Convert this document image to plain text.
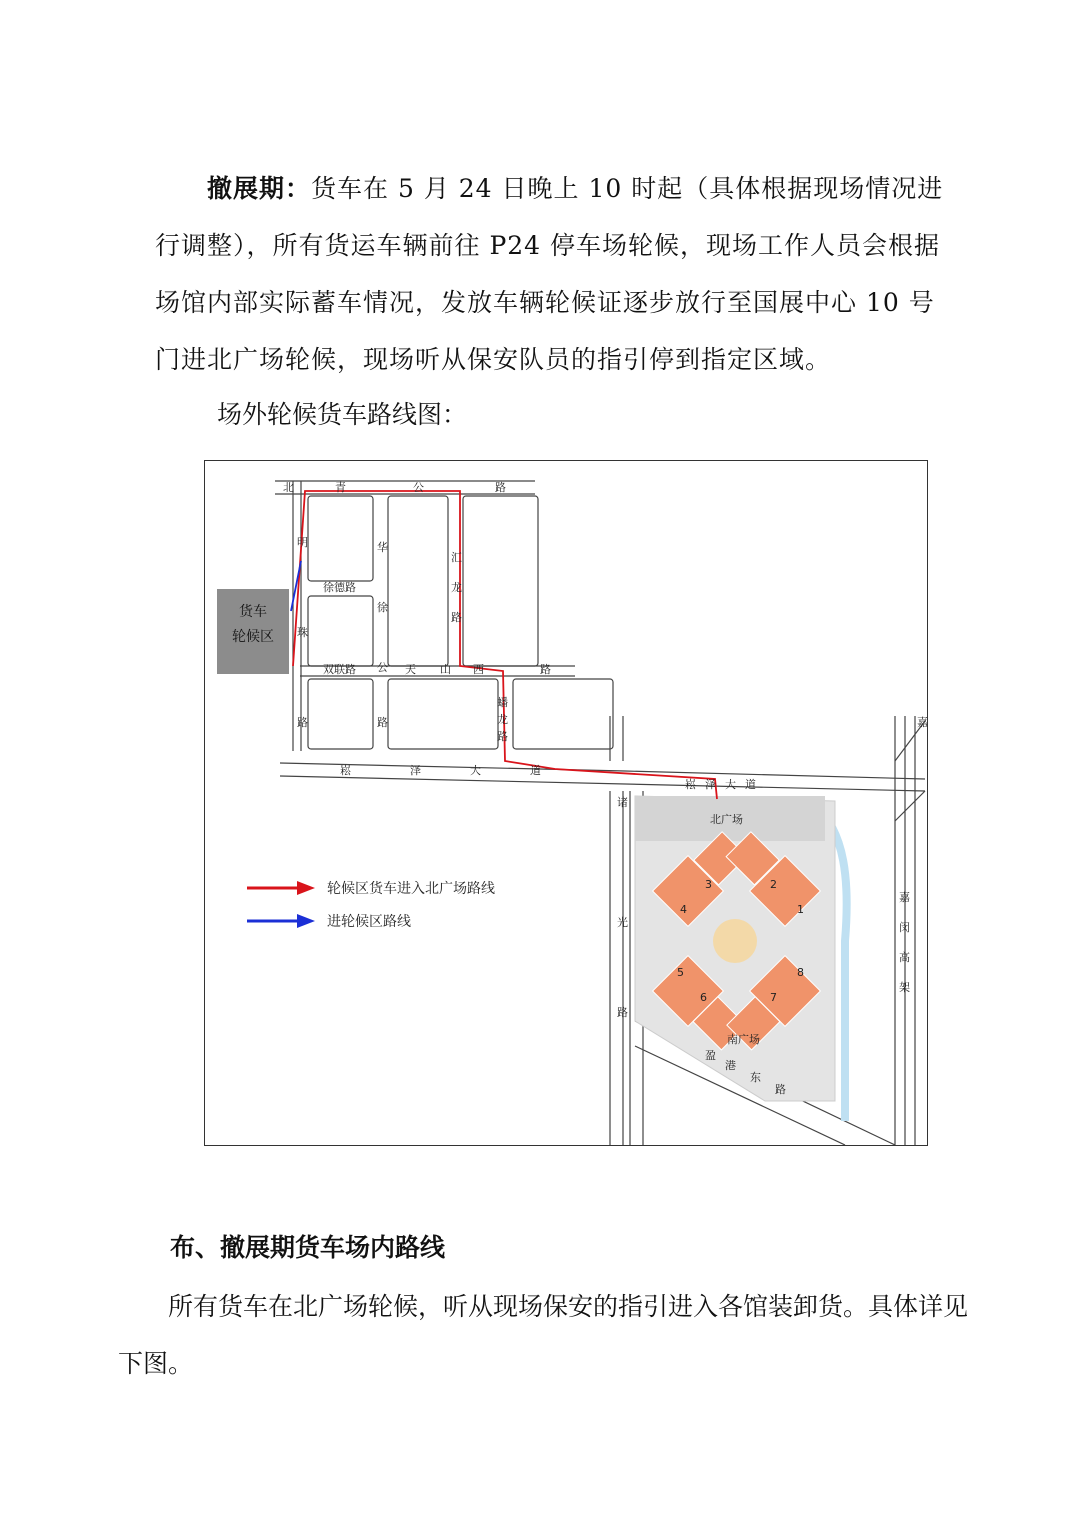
撤展期：货车在 5 月 24 日晚上 10 时起（具体根据现场情况进行调整），所有货运车辆前往 P24 停车场轮候，现场工作人员会根据场馆内部实际蓄车情况，发放车辆轮候证逐步放行至国展中心 10 号门进北广场轮候，现场听从保安队员的指引停到指定区域。
场外轮候货车路线图：
货车
轮候区
北	青	公	路
明
珠
路
华
徐
公
路
汇
龙
路
徐德路
双联路	天 山 西	路
蟠
龙
路
崧	泽	大	道
崧 泽 大 道
诸
光
路
盈
港
东
路
嘉
闵
高
架
嘉
北广场
南广场
3	2
4	1
5	8
6	7
轮候区货车进入北广场路线
进轮候区路线
布、撤展期货车场内路线
所有货车在北广场轮候，听从现场保安的指引进入各馆装卸货。具体详见下图。
